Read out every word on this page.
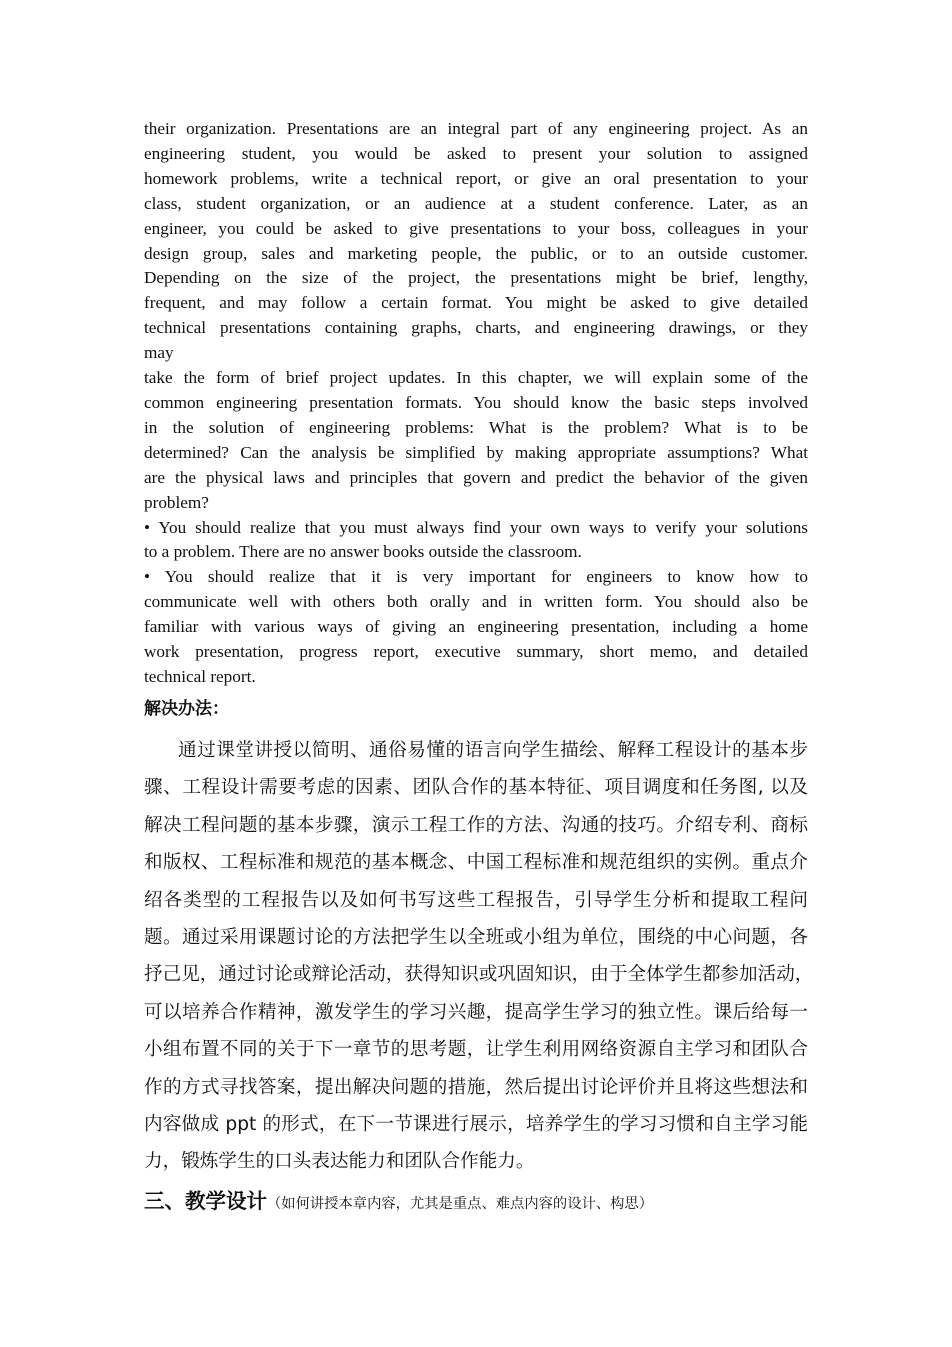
their organization. Presentations are an integral part of any engineering project. As an
engineering student, you would be asked to present your solution to assigned
homework problems, write a technical report, or give an oral presentation to your
class, student organization, or an audience at a student conference. Later, as an
engineer, you could be asked to give presentations to your boss, colleagues in your
design group, sales and marketing people, the public, or to an outside customer.
Depending on the size of the project, the presentations might be brief, lengthy,
frequent, and may follow a certain format. You might be asked to give detailed
technical presentations containing graphs, charts, and engineering drawings, or they
may
take the form of brief project updates. In this chapter, we will explain some of the
common engineering presentation formats. You should know the basic steps involved
in the solution of engineering problems: What is the problem? What is to be
determined? Can the analysis be simplified by making appropriate assumptions? What
are the physical laws and principles that govern and predict the behavior of the given
problem?
• You should realize that you must always find your own ways to verify your solutions
to a problem. There are no answer books outside the classroom.
• You should realize that it is very important for engineers to know how to
communicate well with others both orally and in written form. You should also be
familiar with various ways of giving an engineering presentation, including a home
work presentation, progress report, executive summary, short memo, and detailed
technical report.
解决办法：
通过课堂讲授以简明、通俗易懂的语言向学生描绘、解释工程设计的基本步
骤、工程设计需要考虑的因素、团队合作的基本特征、项目调度和任务图, 以及
解决工程问题的基本步骤，演示工程工作的方法、沟通的技巧。介绍专利、商标
和版权、工程标准和规范的基本概念、中国工程标准和规范组织的实例。重点介
绍各类型的工程报告以及如何书写这些工程报告，引导学生分析和提取工程问
题。通过采用课题讨论的方法把学生以全班或小组为单位，围绕的中心问题，各
抒己见，通过讨论或辩论活动，获得知识或巩固知识，由于全体学生都参加活动，
可以培养合作精神，激发学生的学习兴趣，提高学生学习的独立性。课后给每一
小组布置不同的关于下一章节的思考题，让学生利用网络资源自主学习和团队合
作的方式寻找答案，提出解决问题的措施，然后提出讨论评价并且将这些想法和
内容做成 ppt 的形式，在下一节课进行展示，培养学生的学习习惯和自主学习能
力，锻炼学生的口头表达能力和团队合作能力。
三、教学设计（如何讲授本章内容，尤其是重点、难点内容的设计、构思）
